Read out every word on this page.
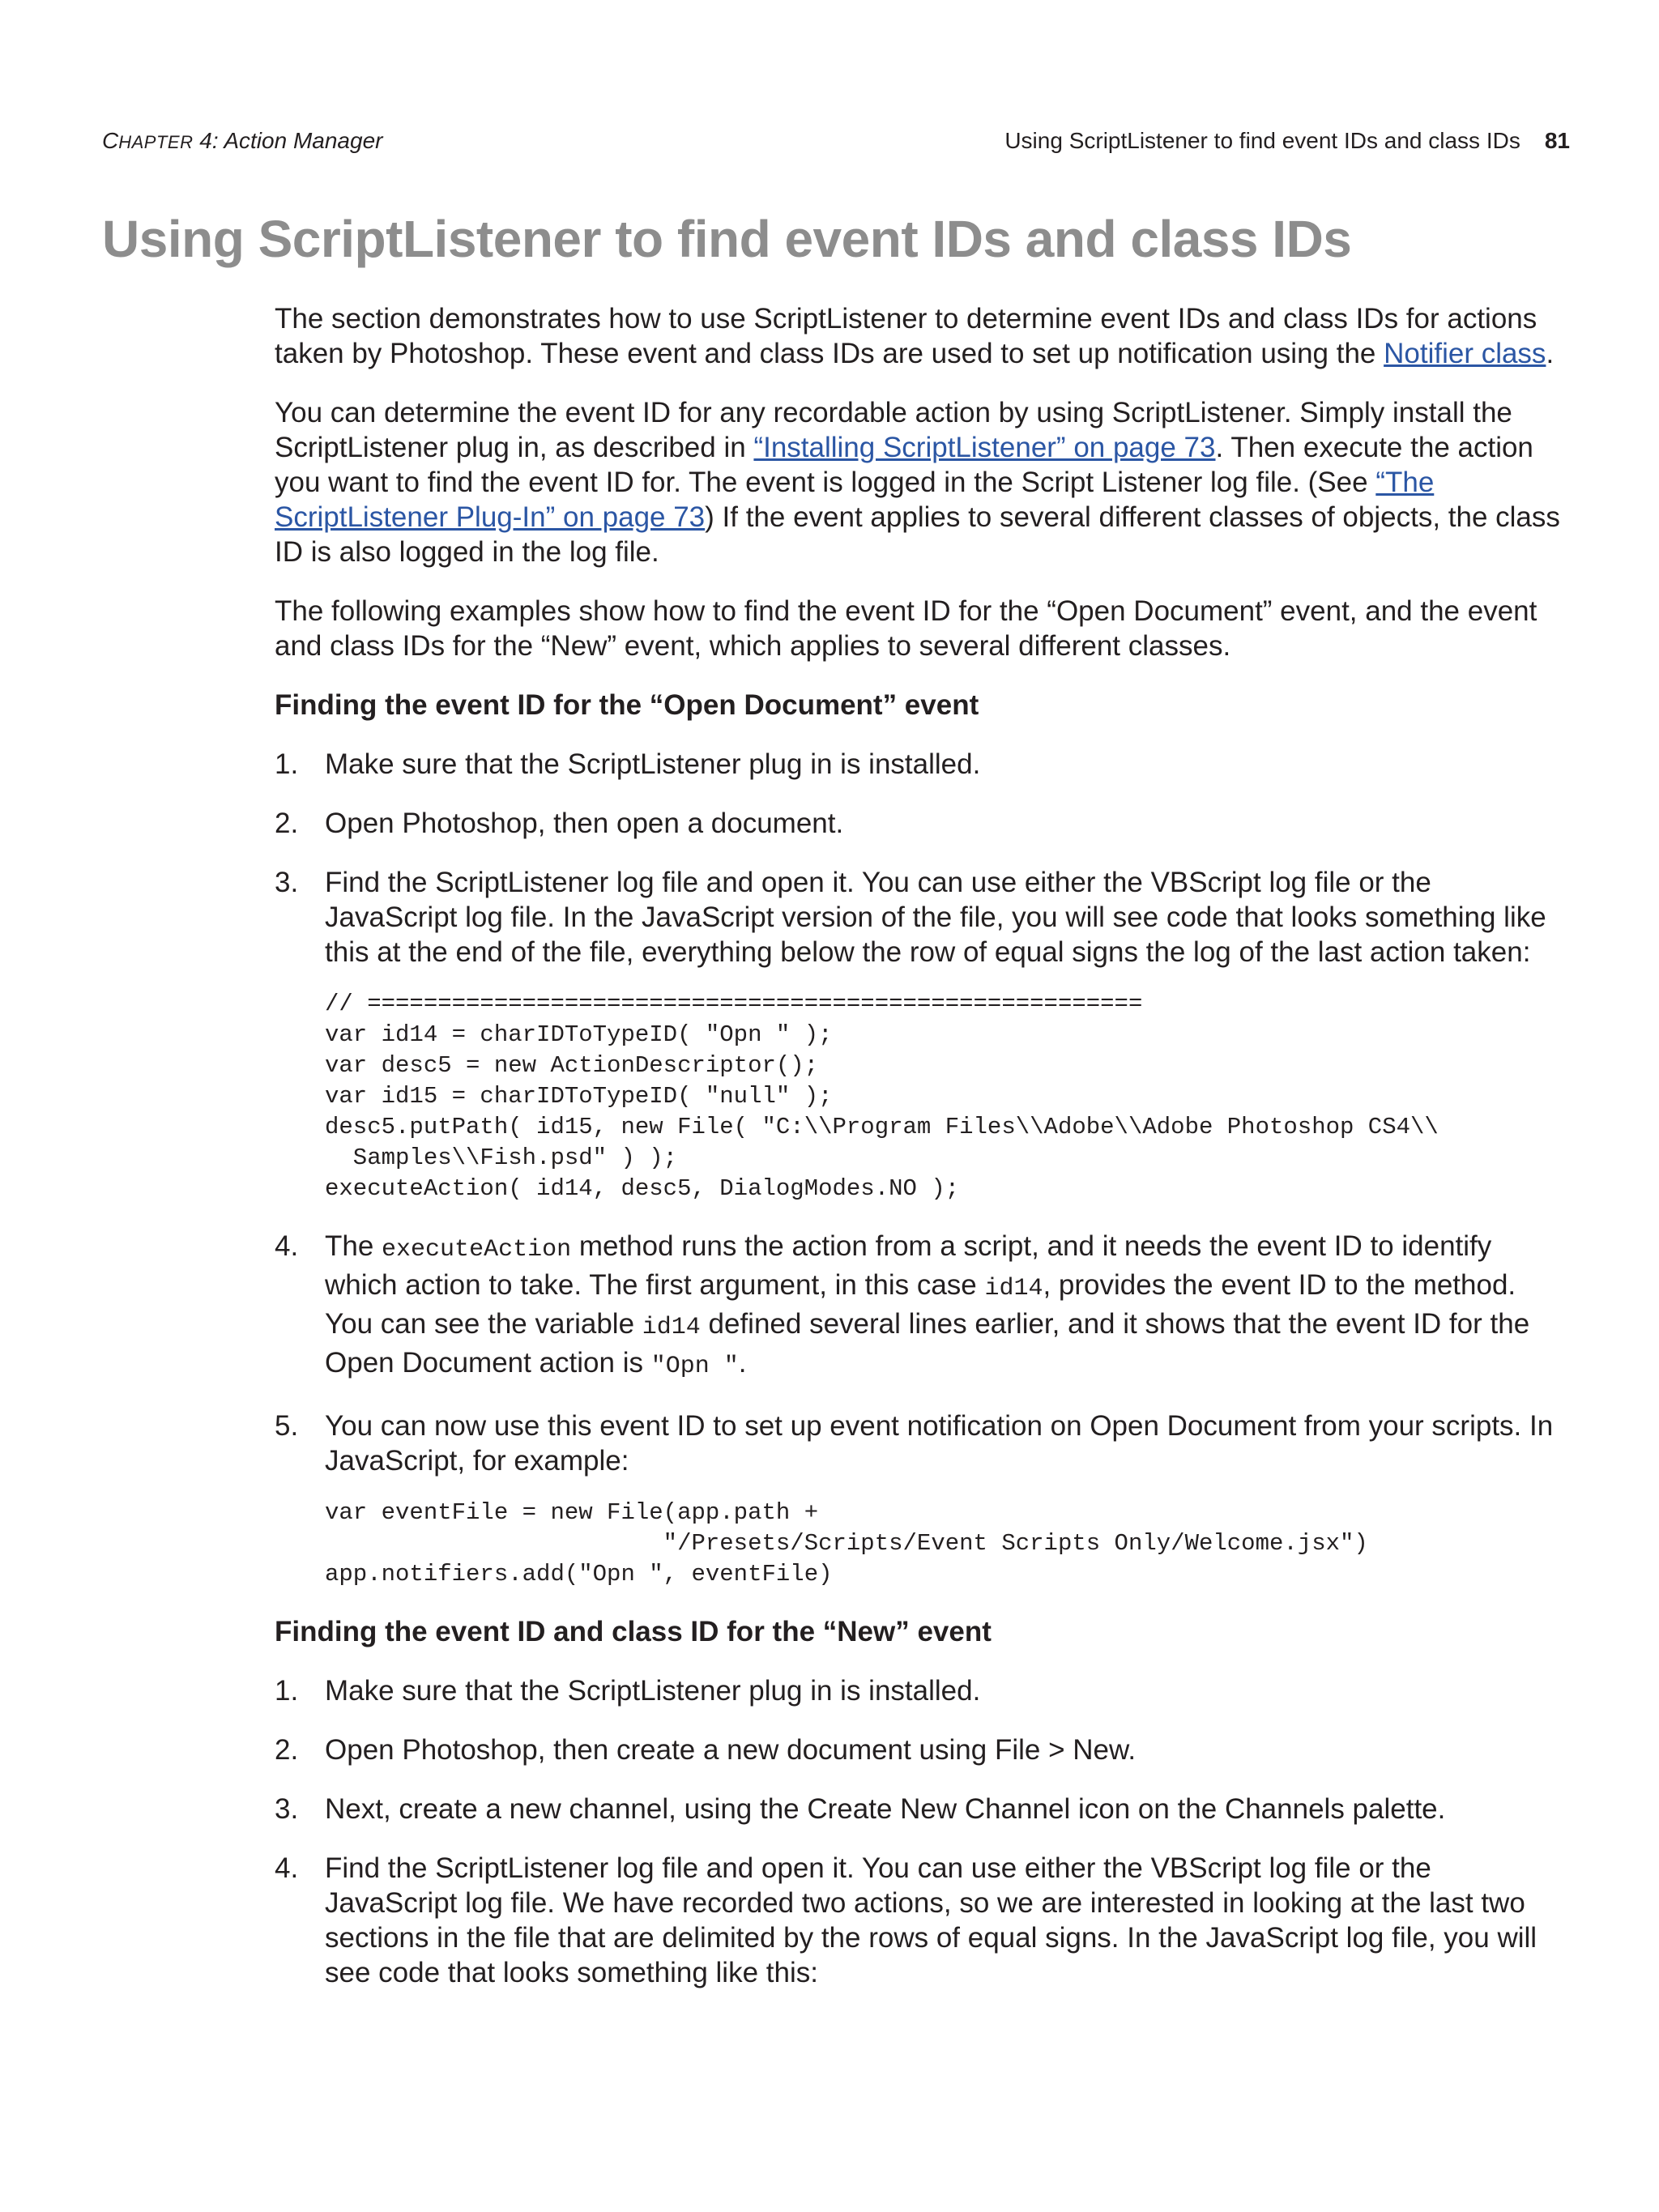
CHAPTER 4: Action Manager	Using ScriptListener to find event IDs and class IDs 81
Using ScriptListener to find event IDs and class IDs

The section demonstrates how to use ScriptListener to determine event IDs and class IDs for actions taken by Photoshop. These event and class IDs are used to set up notification using the Notifier class.

You can determine the event ID for any recordable action by using ScriptListener. Simply install the ScriptListener plug in, as described in “Installing ScriptListener” on page 73. Then execute the action you want to find the event ID for. The event is logged in the Script Listener log file. (See “The ScriptListener Plug-In” on page 73) If the event applies to several different classes of objects, the class ID is also logged in the log file.

The following examples show how to find the event ID for the “Open Document” event, and the event and class IDs for the “New” event, which applies to several different classes.

Finding the event ID for the “Open Document” event
1. Make sure that the ScriptListener plug in is installed.
2. Open Photoshop, then open a document.
3. Find the ScriptListener log file and open it. You can use either the VBScript log file or the JavaScript log file. In the JavaScript version of the file, you will see code that looks something like this at the end of the file, everything below the row of equal signs the log of the last action taken:
// =======================================================
var id14 = charIDToTypeID( "Opn " );
var desc5 = new ActionDescriptor();
var id15 = charIDToTypeID( "null" );
desc5.putPath( id15, new File( "C:\\Program Files\\Adobe\\Adobe Photoshop CS4\\
Samples\\Fish.psd" ) );
executeAction( id14, desc5, DialogModes.NO );
4. The executeAction method runs the action from a script, and it needs the event ID to identify which action to take. The first argument, in this case id14, provides the event ID to the method. You can see the variable id14 defined several lines earlier, and it shows that the event ID for the Open Document action is "Opn ".
5. You can now use this event ID to set up event notification on Open Document from your scripts. In JavaScript, for example:
var eventFile = new File(app.path +
"/Presets/Scripts/Event Scripts Only/Welcome.jsx")
app.notifiers.add("Opn ", eventFile)
Finding the event ID and class ID for the “New” event
1. Make sure that the ScriptListener plug in is installed.
2. Open Photoshop, then create a new document using File > New.
3. Next, create a new channel, using the Create New Channel icon on the Channels palette.
4. Find the ScriptListener log file and open it. You can use either the VBScript log file or the JavaScript log file. We have recorded two actions, so we are interested in looking at the last two sections in the file that are delimited by the rows of equal signs. In the JavaScript log file, you will see code that looks something like this:
